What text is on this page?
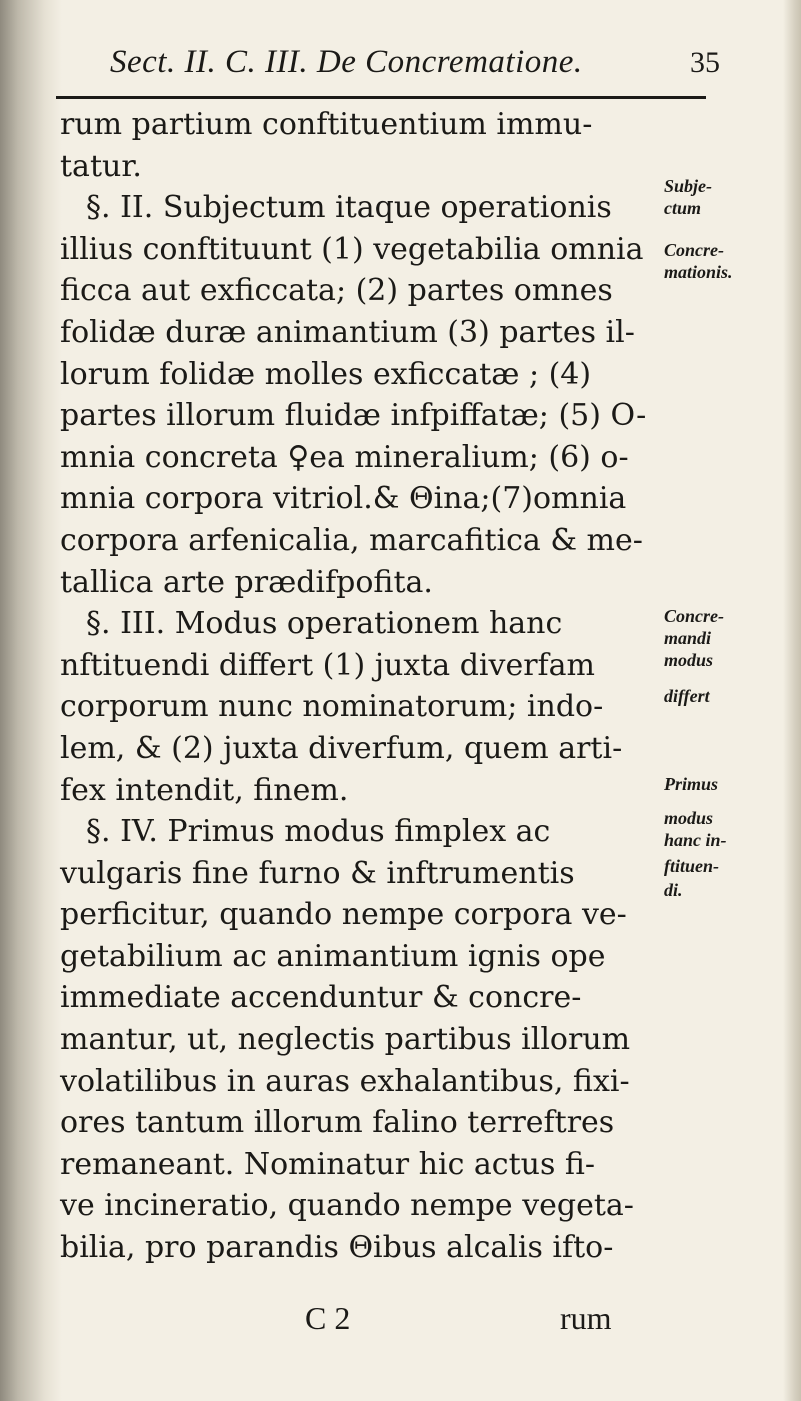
Sect. II. C. III. De Concrematione.	35
rum partium conftituentium immu-
tatur.
§. II. Subjectum itaque operationis
illius conftituunt (1) vegetabilia omnia
ficca aut exficcata; (2) partes omnes
folidæ duræ animantium (3) partes il-
lorum folidæ molles exficcatæ ; (4)
partes illorum fluidæ infpiffatæ; (5) O-
mnia concreta ♀ea mineralium; (6) o-
mnia corpora vitriol.& Θina;(7)omnia
corpora arfenicalia, marcafitica & me-
tallica arte prædifpofita.
§. III. Modus operationem hanc
nftituendi differt (1) juxta diverfam
corporum nunc nominatorum; indo-
lem, & (2) juxta diverfum, quem arti-
fex intendit, finem.
§. IV. Primus modus fimplex ac
vulgaris fine furno & inftrumentis
perficitur, quando nempe corpora ve-
getabilium ac animantium ignis ope
immediate accenduntur & concre-
mantur, ut, neglectis partibus illorum
volatilibus in auras exhalantibus, fixi-
ores tantum illorum falino terreftres
remaneant. Nominatur hic actus fi-
ve incineratio, quando nempe vegeta-
bilia, pro parandis Θibus alcalis ifto-
Subje-
ctum
Concre-
mationis.
Concre-
mandi
modus
differt
Primus
modus
hanc in-
ftituen-
di.
C 2	rum
